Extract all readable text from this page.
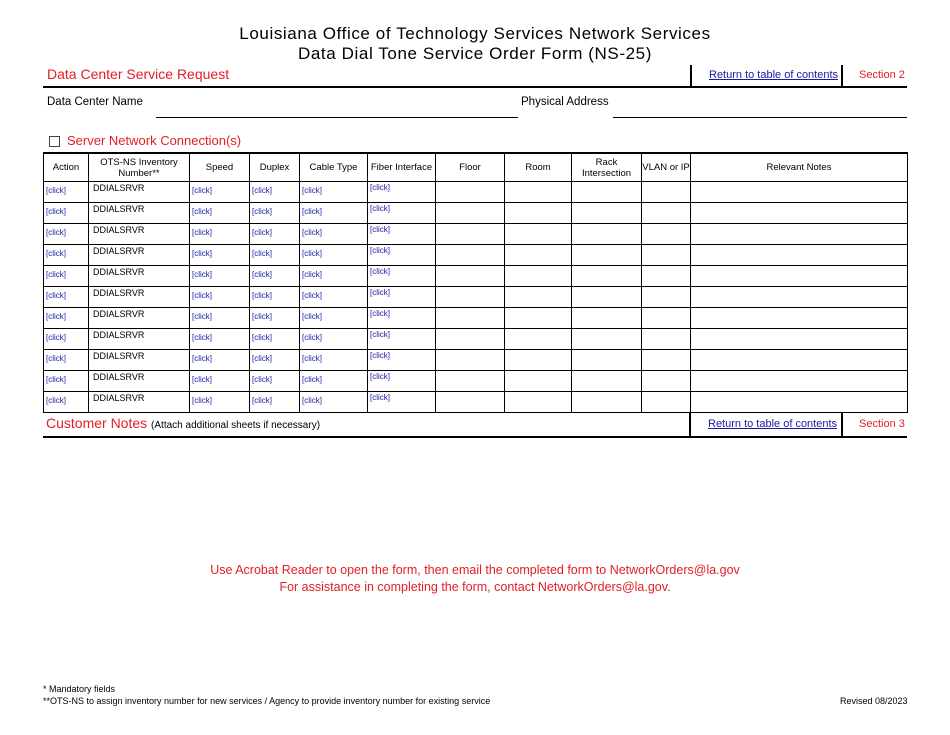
Louisiana Office of Technology Services Network Services
Data Dial Tone Service Order Form (NS-25)
Data Center Service Request	Return to table of contents Section 2
Data Center Name	Physical Address
Server Network Connection(s)
Action	OTS-NS Inventory Number**	Speed	Duplex	Cable Type	Fiber Interface	Floor	Room	Rack Intersection	VLAN or IP	Relevant Notes

[click]	DDIALSRVR	[click]	[click]	[click]	[click]					

[click]	DDIALSRVR	[click]	[click]	[click]	[click]					

[click]	DDIALSRVR	[click]	[click]	[click]	[click]					

[click]	DDIALSRVR	[click]	[click]	[click]	[click]					

[click]	DDIALSRVR	[click]	[click]	[click]	[click]					

[click]	DDIALSRVR	[click]	[click]	[click]	[click]					

[click]	DDIALSRVR	[click]	[click]	[click]	[click]					

[click]	DDIALSRVR	[click]	[click]	[click]	[click]					

[click]	DDIALSRVR	[click]	[click]	[click]	[click]					

[click]	DDIALSRVR	[click]	[click]	[click]	[click]					

[click]	DDIALSRVR	[click]	[click]	[click]	[click]					

Customer Notes (Attach additional sheets if necessary)	Return to table of contents Section 3
Use Acrobat Reader to open the form, then email the completed form to NetworkOrders@la.gov
For assistance in completing the form, contact NetworkOrders@la.gov.
* Mandatory fields
**OTS-NS to assign inventory number for new services / Agency to provide inventory number for existing service	Revised 08/2023
